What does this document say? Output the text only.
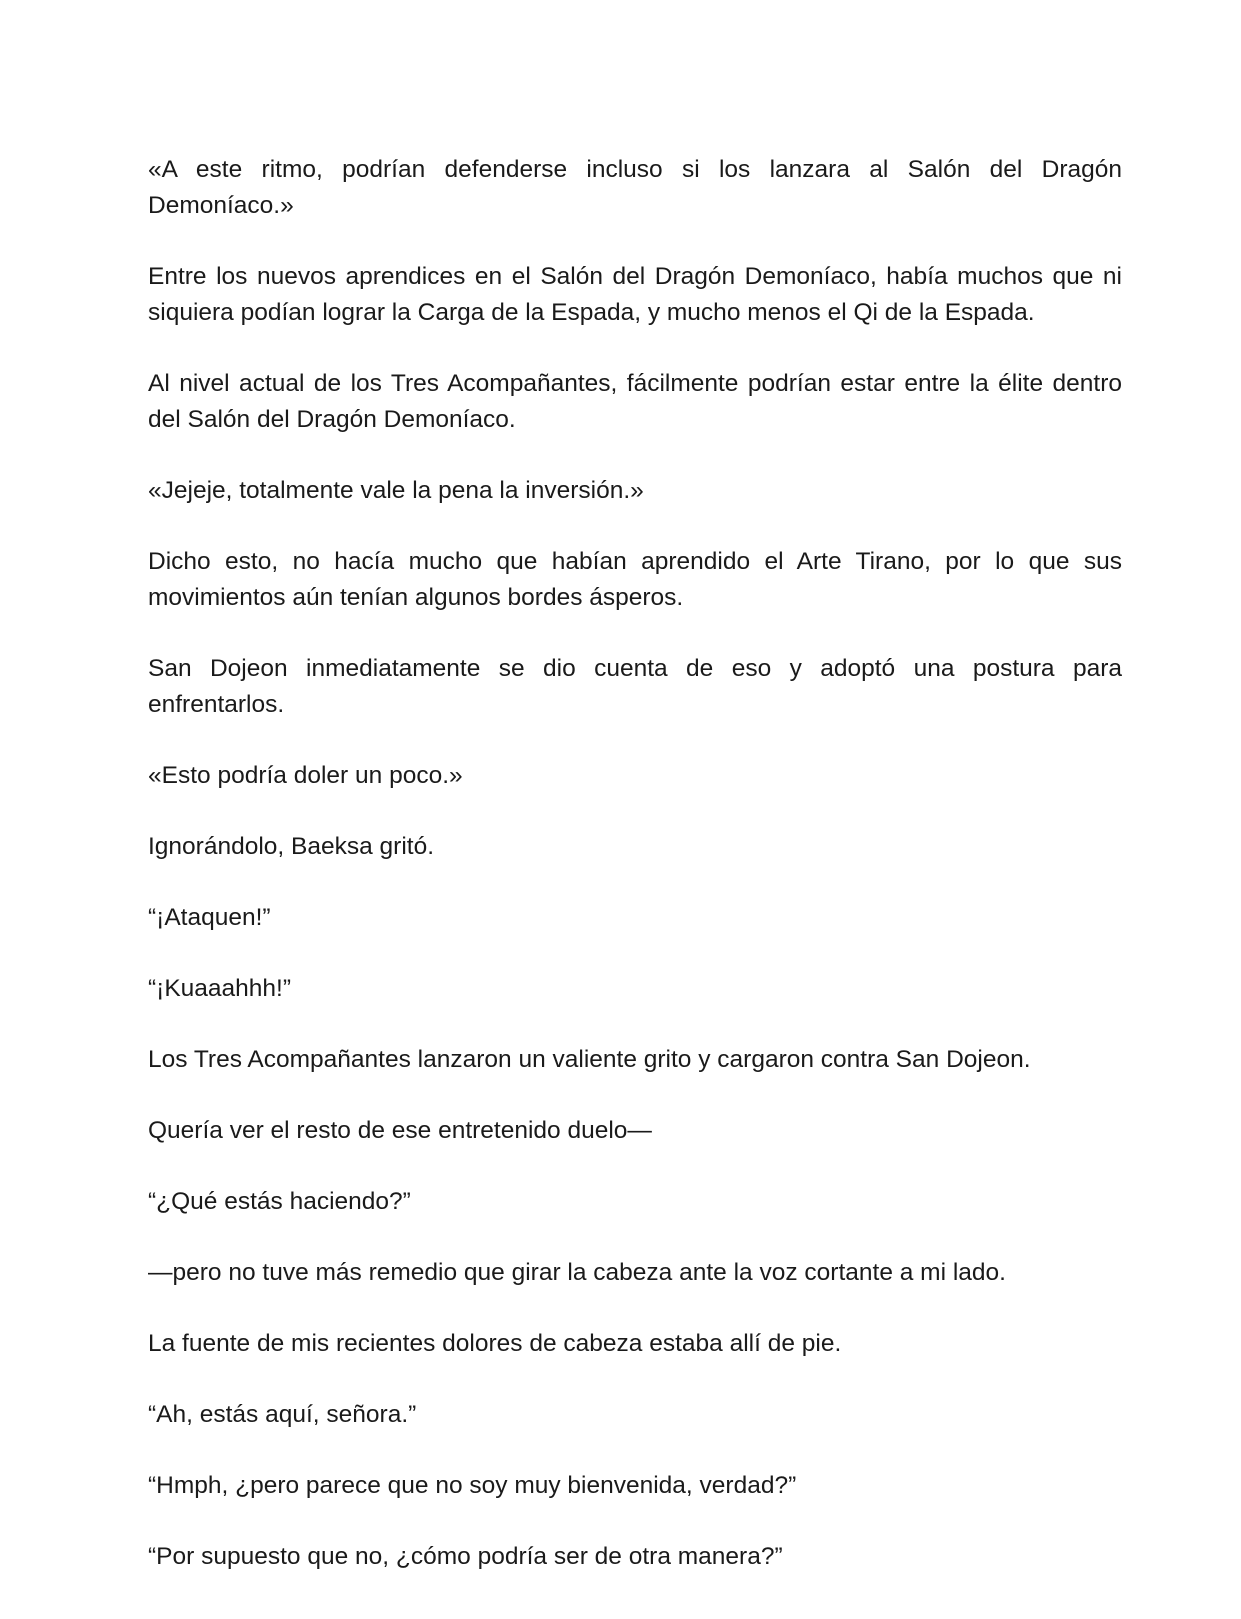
«A este ritmo, podrían defenderse incluso si los lanzara al Salón del Dragón Demoníaco.»

Entre los nuevos aprendices en el Salón del Dragón Demoníaco, había muchos que ni siquiera podían lograr la Carga de la Espada, y mucho menos el Qi de la Espada.

Al nivel actual de los Tres Acompañantes, fácilmente podrían estar entre la élite dentro del Salón del Dragón Demoníaco.

«Jejeje, totalmente vale la pena la inversión.»

Dicho esto, no hacía mucho que habían aprendido el Arte Tirano, por lo que sus movimientos aún tenían algunos bordes ásperos.

San Dojeon inmediatamente se dio cuenta de eso y adoptó una postura para enfrentarlos.

«Esto podría doler un poco.»

Ignorándolo, Baeksa gritó.

“¡Ataquen!”

“¡Kuaaahhh!”

Los Tres Acompañantes lanzaron un valiente grito y cargaron contra San Dojeon.

Quería ver el resto de ese entretenido duelo—

“¿Qué estás haciendo?”

—pero no tuve más remedio que girar la cabeza ante la voz cortante a mi lado.

La fuente de mis recientes dolores de cabeza estaba allí de pie.

“Ah, estás aquí, señora.”

“Hmph, ¿pero parece que no soy muy bienvenida, verdad?”

“Por supuesto que no, ¿cómo podría ser de otra manera?”
